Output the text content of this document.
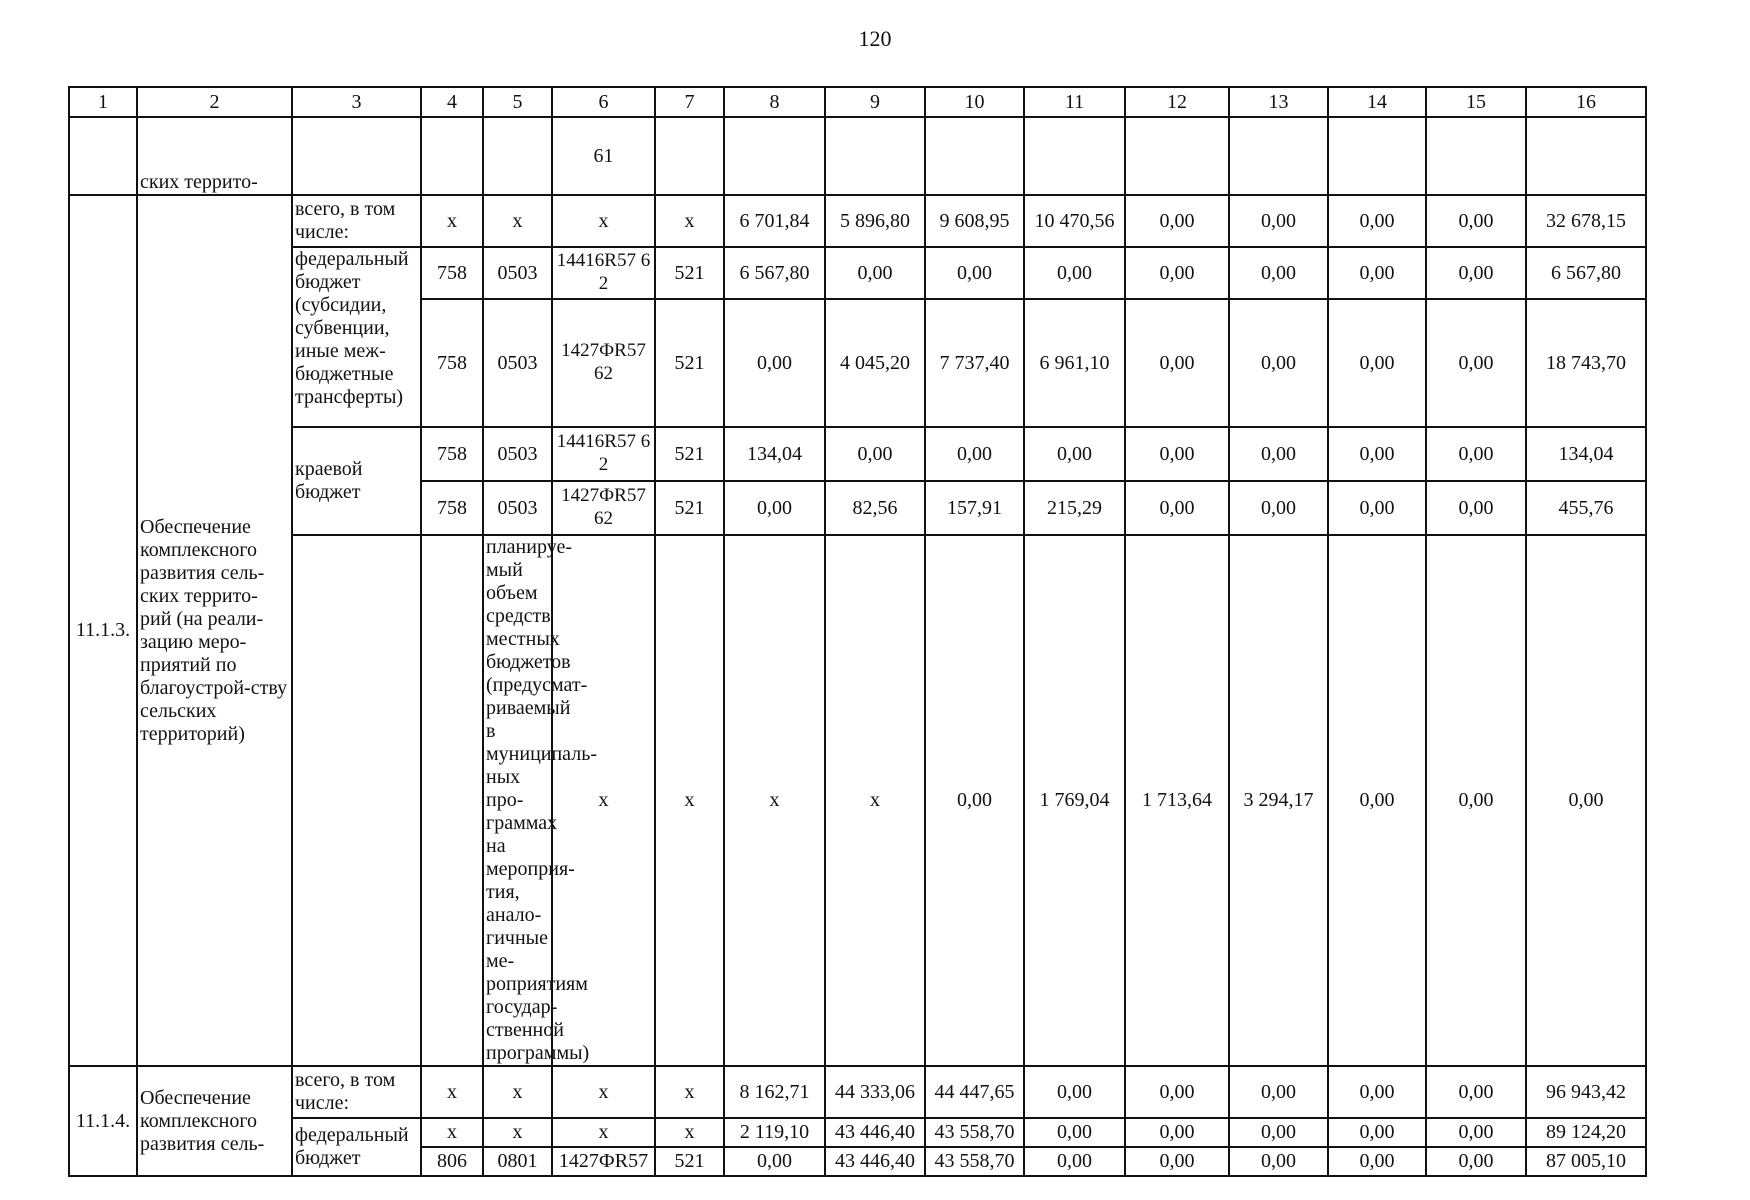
120
1	2	3	4	5	6	7	8	9	10	11	12	13	14	15	16	
	ских террито-				61											
11.1.3.	Обеспечение комплексного развития сель-ских террито-рий (на реали-зацию меро-приятий по благоустрой-ству сельских территорий)	всего, в том числе:	х	х	х	х	6 701,84	5 896,80	9 608,95	10 470,56	0,00	0,00	0,00	0,00	32 678,15	
		федеральный бюджет (субсидии, субвенции, иные меж-бюджетные трансферты)	758	0503	14416R57 62	521	6 567,80	0,00	0,00	0,00	0,00	0,00	0,00	0,00	6 567,80	
			758	0503	1427ФR57 62	521	0,00	4 045,20	7 737,40	6 961,10	0,00	0,00	0,00	0,00	18 743,70	
		краевой бюджет	758	0503	14416R57 62	521	134,04	0,00	0,00	0,00	0,00	0,00	0,00	0,00	134,04	
			758	0503	1427ФR57 62	521	0,00	82,56	157,91	215,29	0,00	0,00	0,00	0,00	455,76	
				планируе-мый объем средств местных бюджетов (предусмат-риваемый в муниципаль-ных про-граммах на мероприя-тия, анало-гичные ме-роприятиям государ-ственной программы)	х	х	х	х	0,00	1 769,04	1 713,64	3 294,17	0,00	0,00	0,00		
11.1.4.	Обеспечение комплексного развития сель-	всего, в том числе:	х	х	х	х	8 162,71	44 333,06	44 447,65	0,00	0,00	0,00	0,00	0,00	96 943,42	
		федеральный бюджет	х	х	х	х	2 119,10	43 446,40	43 558,70	0,00	0,00	0,00	0,00	0,00	89 124,20	
			806	0801	1427ФR57	521	0,00	43 446,40	43 558,70	0,00	0,00	0,00	0,00	0,00	87 005,10	
